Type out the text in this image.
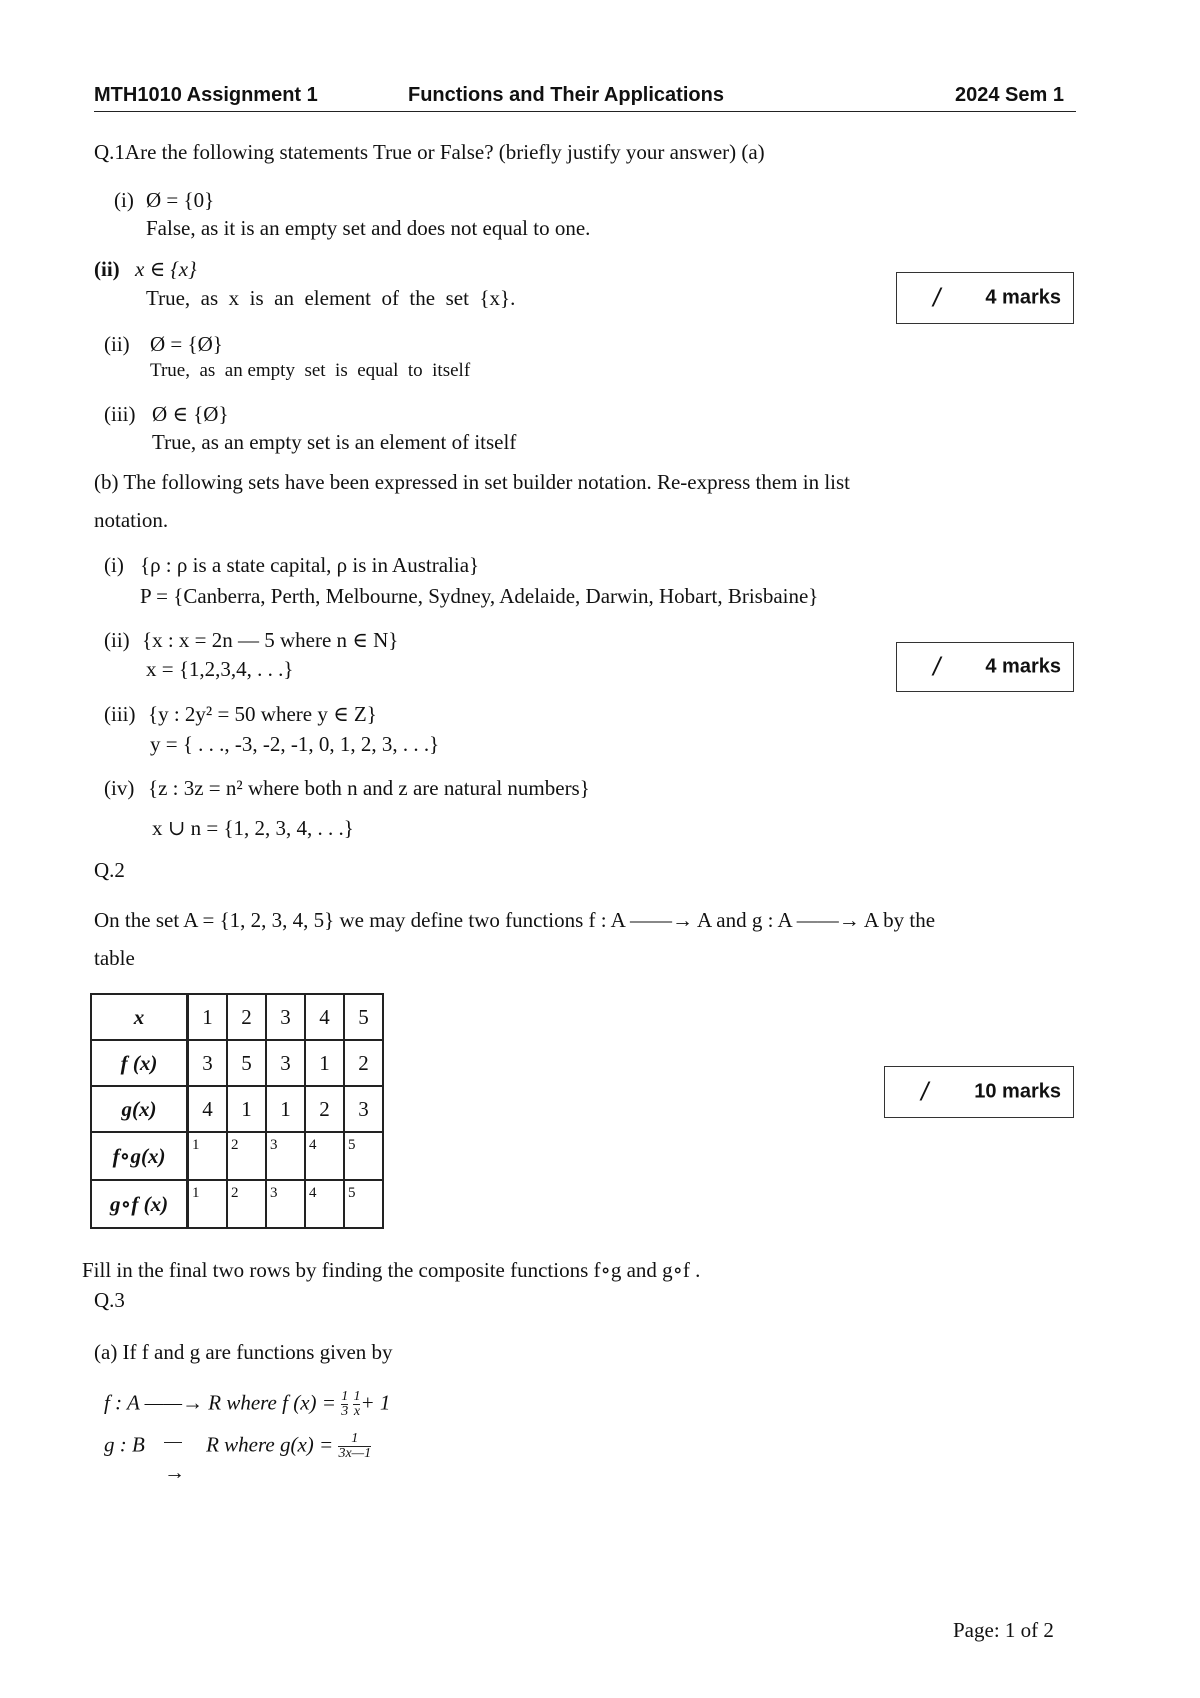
MTH1010 Assignment 1	Functions and Their Applications	2024 Sem 1
Q.1Are the following statements True or False? (briefly justify your answer) (a)
(i) Ø = {0}
False, as it is an empty set and does not equal to one.
(ii) x ∈ {x}
True,  as  x  is  an  element  of  the  set  {x}.
(ii) Ø = {Ø}
True,  as  an empty  set  is  equal  to  itself
(iii) Ø ∈ {Ø}
True, as an empty set is an element of itself
/ 4 marks
(b) The following sets have been expressed in set builder notation. Re-express them in list
notation.
(i) {ρ : ρ is a state capital, ρ is in Australia}
P = {Canberra, Perth, Melbourne, Sydney, Adelaide, Darwin, Hobart, Brisbaine}
(ii) {x : x = 2n — 5 where n ∈ N}
x = {1,2,3,4, . . .}
(iii) {y : 2y² = 50 where y ∈ Z}
y = { . . ., -3, -2, -1, 0, 1, 2, 3, . . .}
(iv) {z : 3z = n² where both n and z are natural numbers}
x ∪ n = {1, 2, 3, 4, . . .}
/ 4 marks
Q.2
On the set A = {1, 2, 3, 4, 5} we may define two functions f : A ——→ A and g : A ——→ A by the
table
x	1	2	3	4	5
f (x)	3	5	3	1	2
g(x)	4	1	1	2	3
f∘g(x)	1	2	3	4	5
g∘f (x)	1	2	3	4	5
/ 10 marks
Fill in the final two rows by finding the composite functions f∘g and g∘f .
Q.3
(a) If f and g are functions given by
f : A ——→ R where f $(x) = \frac{1}{3} \frac{1}{x} + 1$
g : B	R where $g(x) = \frac{1}{3x—1}$
→
Page: 1 of 2
